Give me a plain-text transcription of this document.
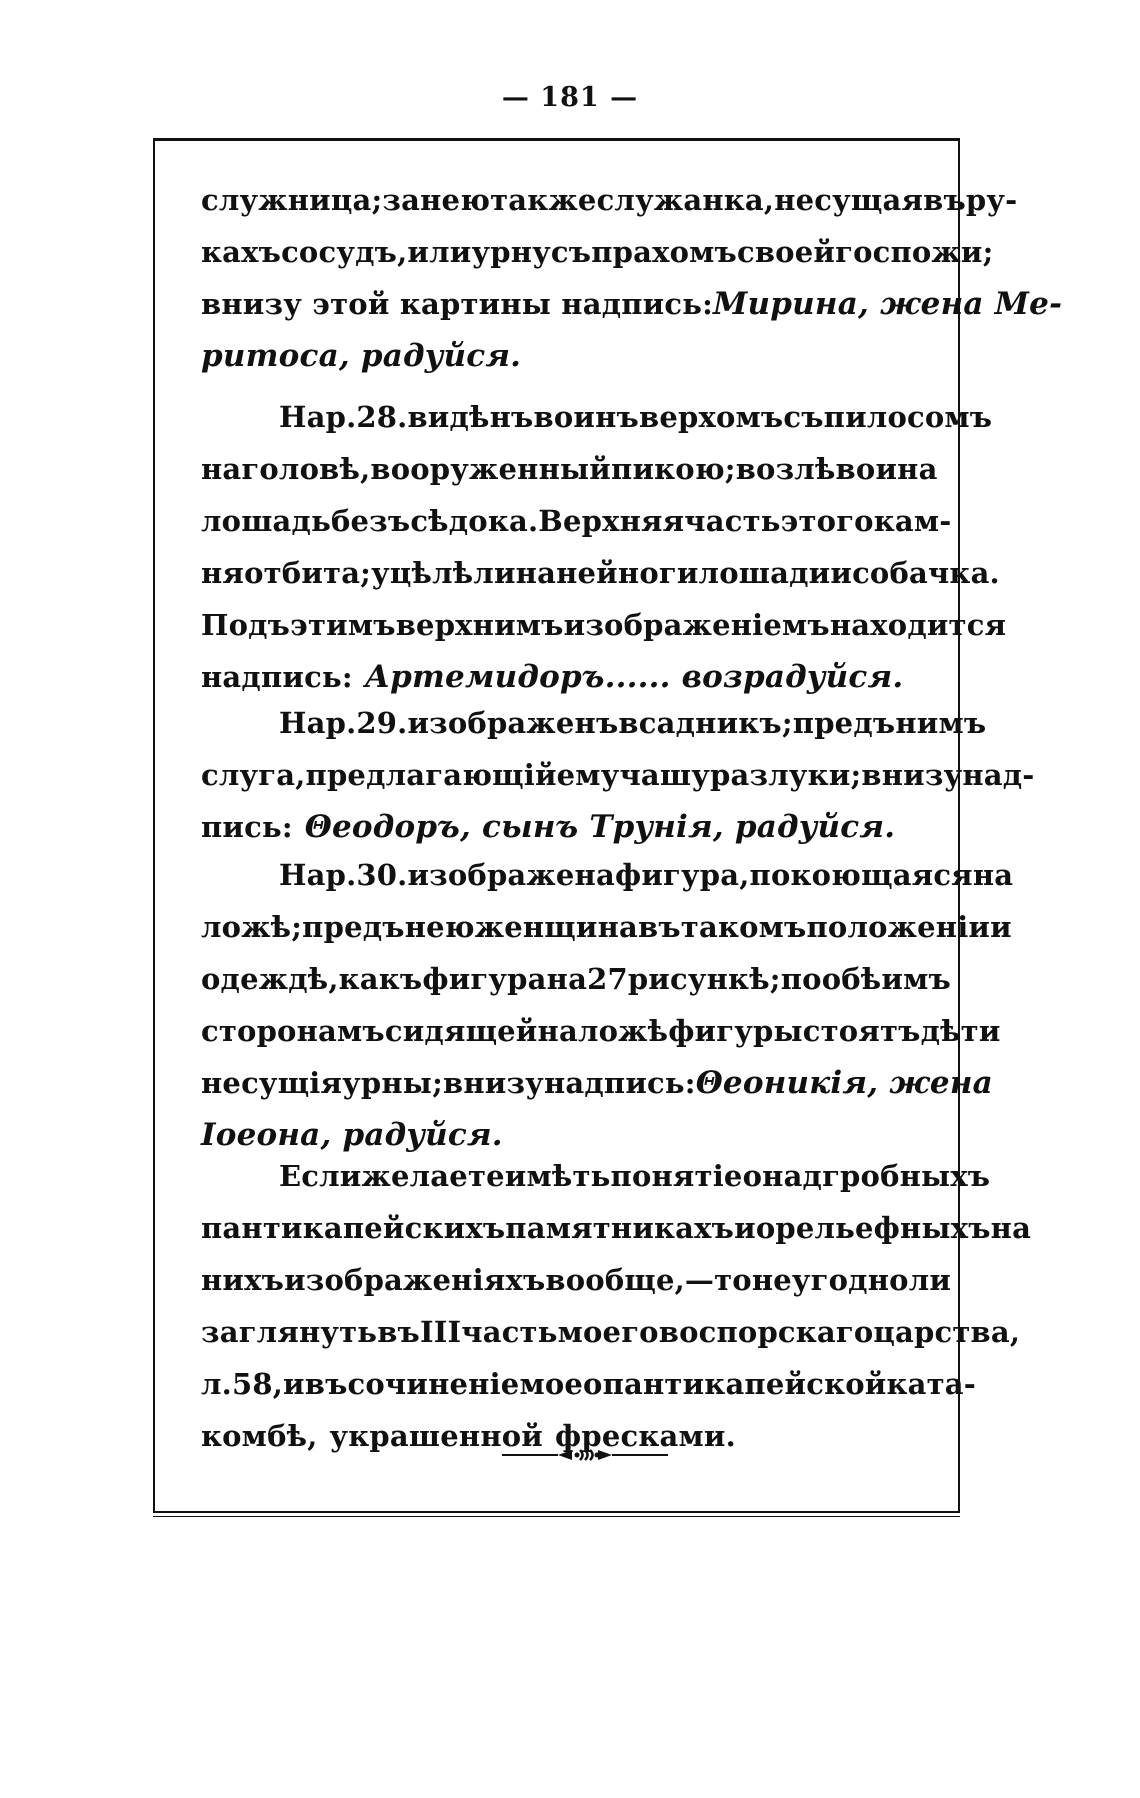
— 181 —
служница; за нею также служанка, несущая въ ру-
кахъ сосудъ, или урну съ прахомъ своей госпожи;
внизу этой картины надпись: Мирина, жена Ме-
ритоса, радуйся.
На р. 28. видѣнъ воинъ верхомъ съ пилосомъ
на головѣ, вооруженный пикою; возлѣ воина
лошадь безъ сѣдока. Верхняя часть этого кам-
ня отбита; уцѣлѣли на ней ноги лошади и собачка.
Подъ этимъ верхнимъ изображеніемъ находится
надпись: Артемидоръ...... возрадуйся.
На р. 29. изображенъ всадникъ; предъ нимъ
слуга, предлагающій ему чашу разлуки; внизу над-
пись: Θеодоръ, сынъ Трунія, радуйся.
На р. 30. изображена фигура, покоющаяся на
ложѣ; предъ нею женщина въ такомъ положеніи и
одеждѣ, какъ фигура на 27 рисункѣ; по обѣимъ
сторонамъ сидящей на ложѣ фигуры стоятъ дѣти
несущія урны ; внизу надпись: Θеоникія, жена
Іоеона, радуйся.
Если желаете имѣть понятіе о надгробныхъ
пантикапейскихъ памятникахъ и о рельефныхъ на
нихъ изображеніяхъ вообще, — то неугодно ли
заглянуть въ III часть моего воспорскаго царства,
л. 58, и въ сочиненіе мое о пантикапейской ката-
комбѣ, украшенной фресками.
